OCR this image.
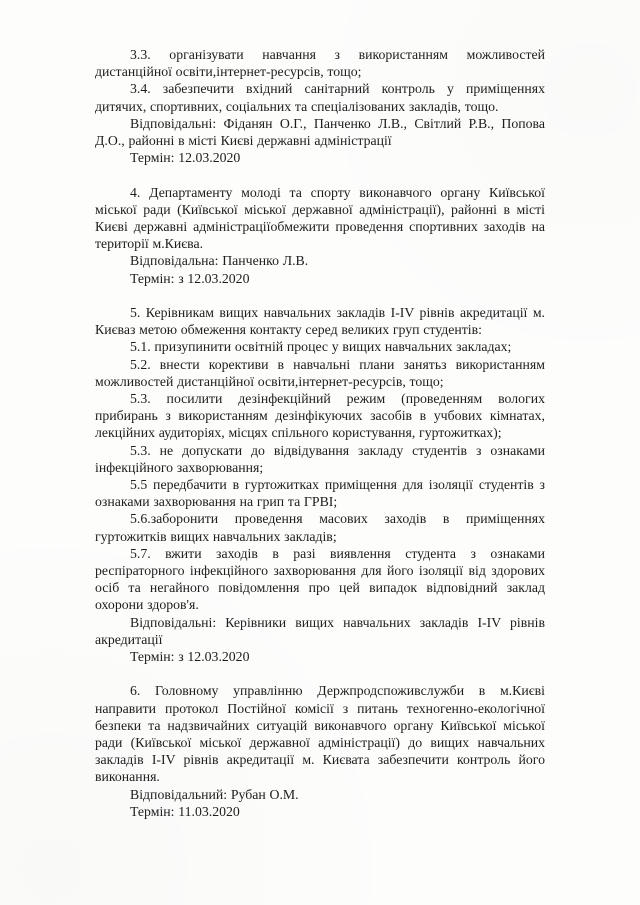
3.3. організувати навчання з використанням можливостей дистанційної освіти,інтернет-ресурсів, тощо;

3.4. забезпечити вхідний санітарний контроль у приміщеннях дитячих, спортивних, соціальних та спеціалізованих закладів, тощо.

Відповідальні: Фіданян О.Г., Панченко Л.В., Світлий Р.В., Попова Д.О., районні в місті Києві державні адміністрації

Термін: 12.03.2020

4. Департаменту молоді та спорту виконавчого органу Київської міської ради (Київської міської державної адміністрації), районні в місті Києві державні адміністраціїобмежити проведення спортивних заходів на території м.Києва.

Відповідальна: Панченко Л.В.

Термін: з 12.03.2020

5. Керівникам вищих навчальних закладів I-IV рівнів акредитації м. Києваз метою обмеження контакту серед великих груп студентів:

5.1. призупинити освітній процес у вищих навчальних закладах;

5.2. внести корективи в навчальні плани занятьз використанням можливостей дистанційної освіти,інтернет-ресурсів, тощо;

5.3. посилити дезінфекційний режим (проведенням вологих прибирань з використанням дезінфікуючих засобів в учбових кімнатах, лекційних аудиторіях, місцях спільного користування, гуртожитках);

5.3. не допускати до відвідування закладу студентів з ознаками інфекційного захворювання;

5.5 передбачити в гуртожитках приміщення для ізоляції студентів з ознаками захворювання на грип та ГРВІ;

5.6.заборонити проведення масових заходів в приміщеннях гуртожитків вищих навчальних закладів;

5.7. вжити заходів в разі виявлення студента з ознаками респіраторного інфекційного захворювання для його ізоляції від здорових осіб та негайного повідомлення про цей випадок відповідний заклад охорони здоров'я.

Відповідальні: Керівники вищих навчальних закладів I-IV рівнів акредитації

Термін: з 12.03.2020

6. Головному управлінню Держпродспоживслужби в м.Києві направити протокол Постійної комісії з питань техногенно-екологічної безпеки та надзвичайних ситуацій виконавчого органу Київської міської ради (Київської міської державної адміністрації) до вищих навчальних закладів I-IV рівнів акредитації м. Києвата забезпечити контроль його виконання.

Відповідальний: Рубан О.М.

Термін: 11.03.2020
